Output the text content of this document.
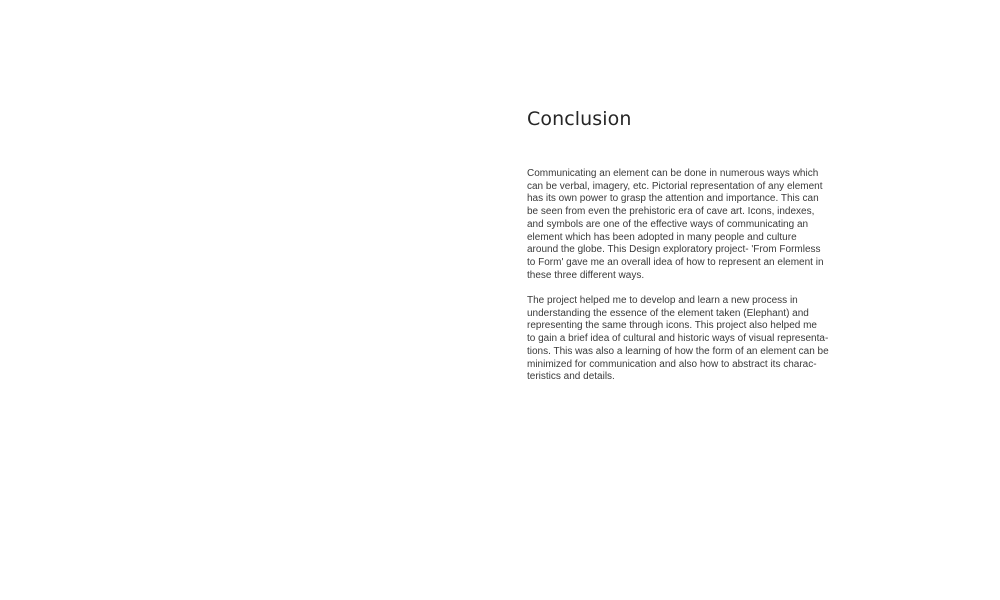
Conclusion
Communicating an element can be done in numerous ways which
can be verbal, imagery, etc. Pictorial representation of any element
has its own power to grasp the attention and importance. This can
be seen from even the prehistoric era of cave art. Icons, indexes,
and symbols are one of the effective ways of communicating an
element which has been adopted in many people and culture
around the globe. This Design exploratory project- 'From Formless
to Form' gave me an overall idea of how to represent an element in
these three different ways.
The project helped me to develop and learn a new process in
understanding the essence of the element taken (Elephant) and
representing the same through icons. This project also helped me
to gain a brief idea of cultural and historic ways of visual representa-
tions. This was also a learning of how the form of an element can be
minimized for communication and also how to abstract its charac-
teristics and details.
